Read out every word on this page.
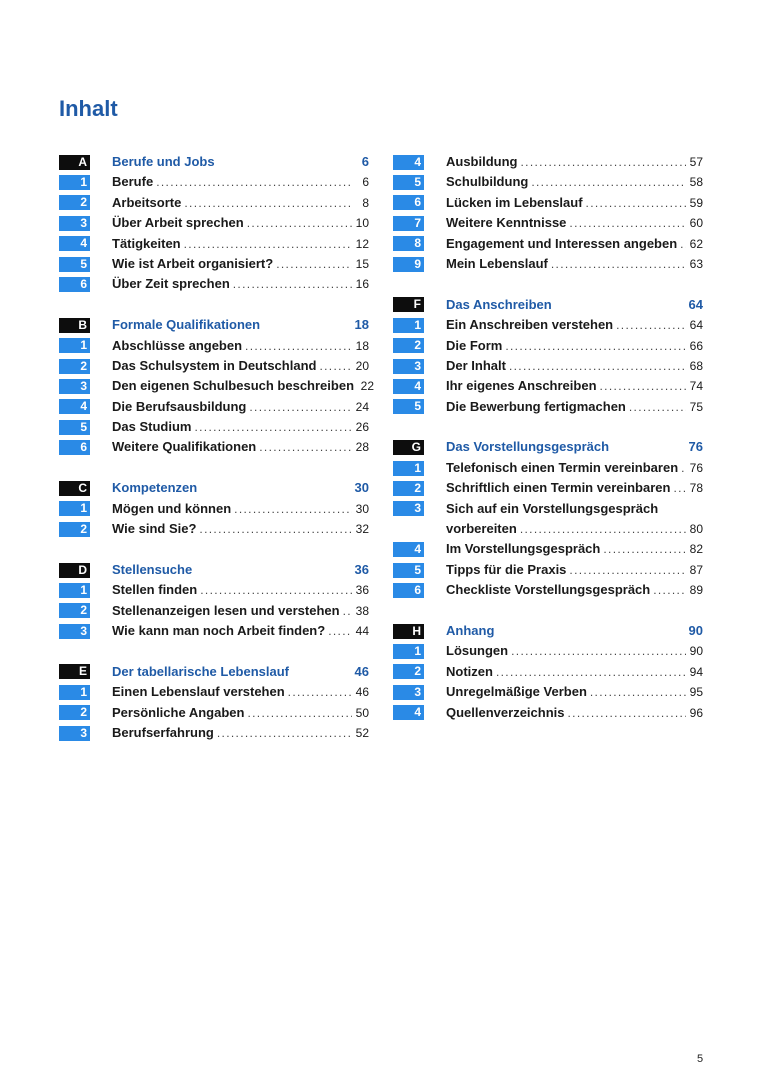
Inhalt
A Berufe und Jobs	6
1 Berufe . . .	6
2 Arbeitsorte . . .	8
3 Über Arbeit sprechen . . .	10
4 Tätigkeiten . . .	12
5 Wie ist Arbeit organisiert? . . .	15
6 Über Zeit sprechen . . .	16
B Formale Qualifikationen	18
1 Abschlüsse angeben . . .	18
2 Das Schulsystem in Deutschland . . .	20
3 Den eigenen Schulbesuch beschreiben 22
4 Die Berufsausbildung . . .	24
5 Das Studium . . .	26
6 Weitere Qualifikationen . . .	28
C Kompetenzen	30
1 Mögen und können . . .	30
2 Wie sind Sie? . . .	32
D Stellensuche	36
1 Stellen finden . . .	36
2 Stellenanzeigen lesen und verstehen . . . 38
3 Wie kann man noch Arbeit finden? . . .	44
E Der tabellarische Lebenslauf	46
1 Einen Lebenslauf verstehen . . .	46
2 Persönliche Angaben . . .	50
3 Berufserfahrung . . .	52
4 Ausbildung . . .	57
5 Schulbildung . . .	58
6 Lücken im Lebenslauf . . .	59
7 Weitere Kenntnisse . . .	60
8 Engagement und Interessen angeben . . . 62
9 Mein Lebenslauf . . .	63
F Das Anschreiben	64
1 Ein Anschreiben verstehen . . .	64
2 Die Form . . .	66
3 Der Inhalt . . .	68
4 Ihr eigenes Anschreiben . . .	74
5 Die Bewerbung fertigmachen . . .	75
G Das Vorstellungsgespräch	76
1 Telefonisch einen Termin vereinbaren . . . 76
2 Schriftlich einen Termin vereinbaren . . . 78
3 Sich auf ein Vorstellungsgespräch
vorbereiten . . .	80
4 Im Vorstellungsgespräch . . .	82
5 Tipps für die Praxis . . .	87
6 Checkliste Vorstellungsgespräch . . .	89
H Anhang	90
1 Lösungen . . .	90
2 Notizen . . .	94
3 Unregelmäßige Verben . . .	95
4 Quellenverzeichnis . . .	96
5
